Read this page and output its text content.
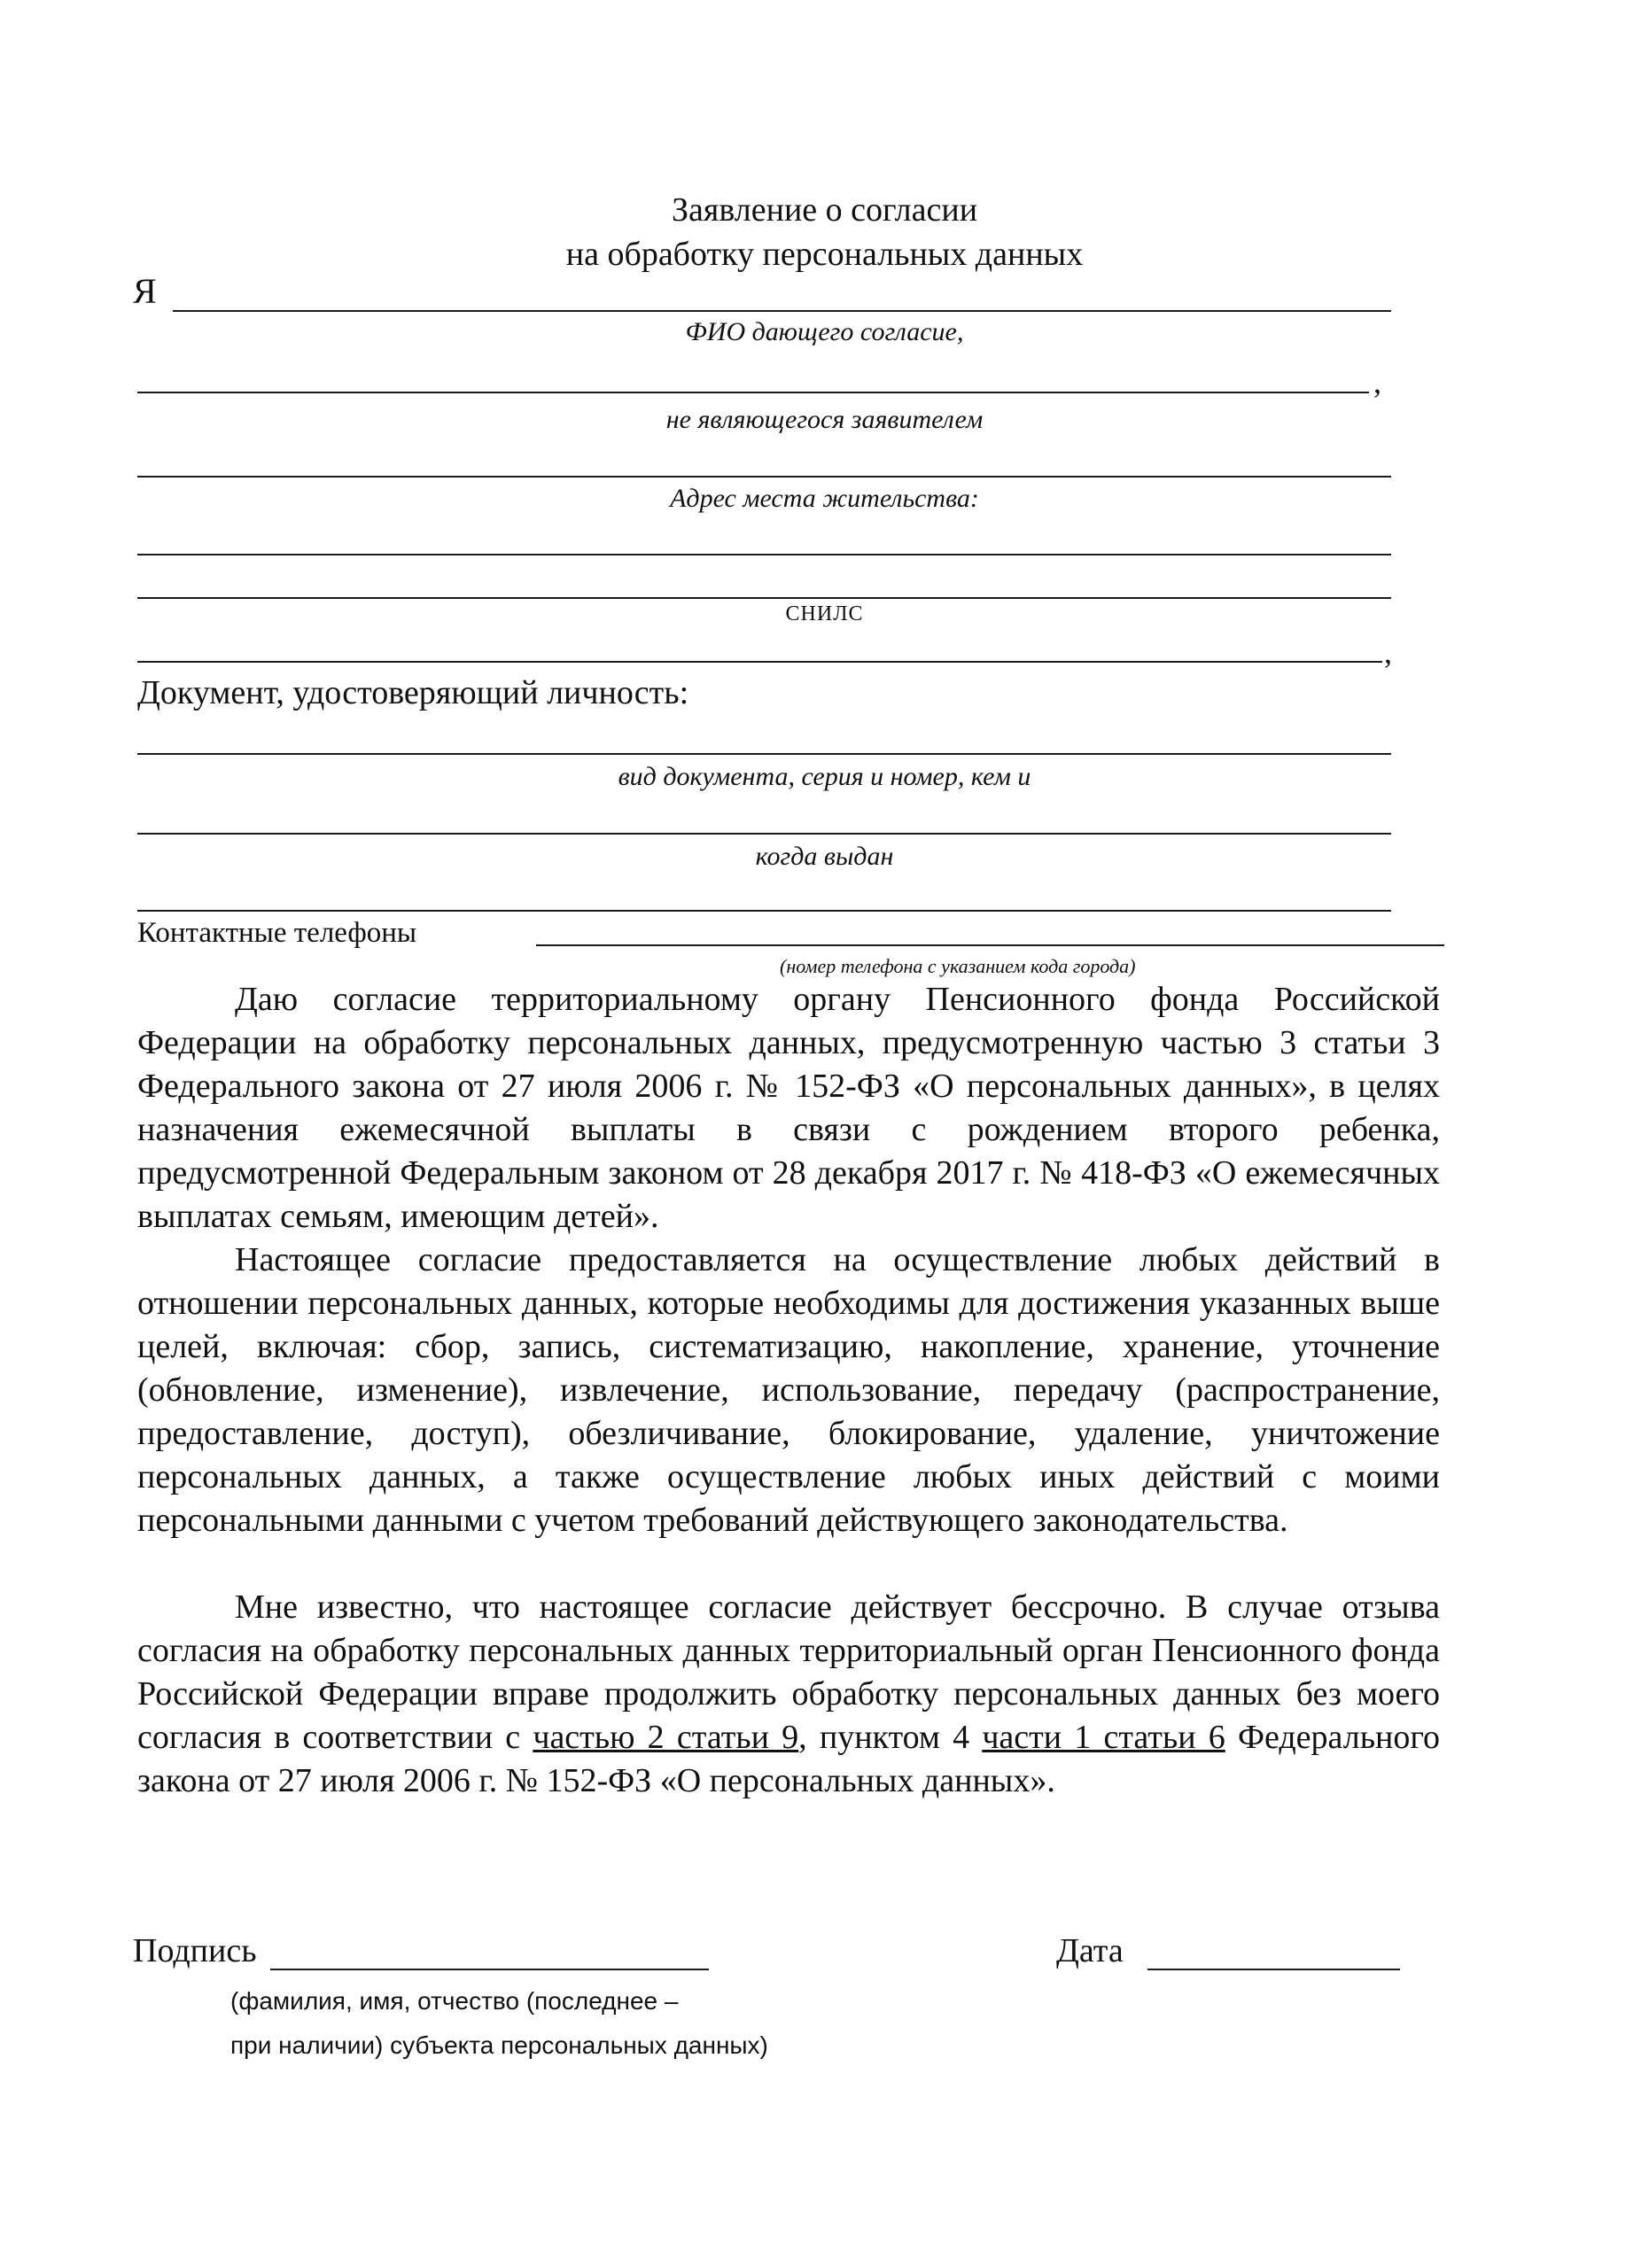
Заявление о согласии
на обработку персональных данных
Я
ФИО дающего согласие,
,
не являющегося заявителем
Адрес места жительства:
СНИЛС
,
Документ, удостоверяющий личность:
вид документа, серия и номер, кем и
когда выдан
Контактные телефоны
(номер телефона с указанием кода города)

Даю согласие территориальному органу Пенсионного фонда Российской Федерации на обработку персональных данных, предусмотренную частью 3 статьи 3 Федерального закона от 27 июля 2006 г. № 152-ФЗ «О персональных данных», в целях назначения ежемесячной выплаты в связи с рождением второго ребенка, предусмотренной Федеральным законом от 28 декабря 2017 г. № 418-ФЗ «О ежемесячных выплатах семьям, имеющим детей».

Настоящее согласие предоставляется на осуществление любых действий в отношении персональных данных, которые необходимы для достижения указанных выше целей, включая: сбор, запись, систематизацию, накопление, хранение, уточнение (обновление, изменение), извлечение, использование, передачу (распространение, предоставление, доступ), обезличивание, блокирование, удаление, уничтожение персональных данных, а также осуществление любых иных действий с моими персональными данными с учетом требований действующего законодательства.

Мне известно, что настоящее согласие действует бессрочно. В случае отзыва согласия на обработку персональных данных территориальный орган Пенсионного фонда Российской Федерации вправе продолжить обработку персональных данных без моего согласия в соответствии с частью 2 статьи 9, пунктом 4 части 1 статьи 6 Федерального закона от 27 июля 2006 г. № 152-ФЗ «О персональных данных».

Подпись	Дата
(фамилия, имя, отчество (последнее –
при наличии) субъекта персональных данных)
